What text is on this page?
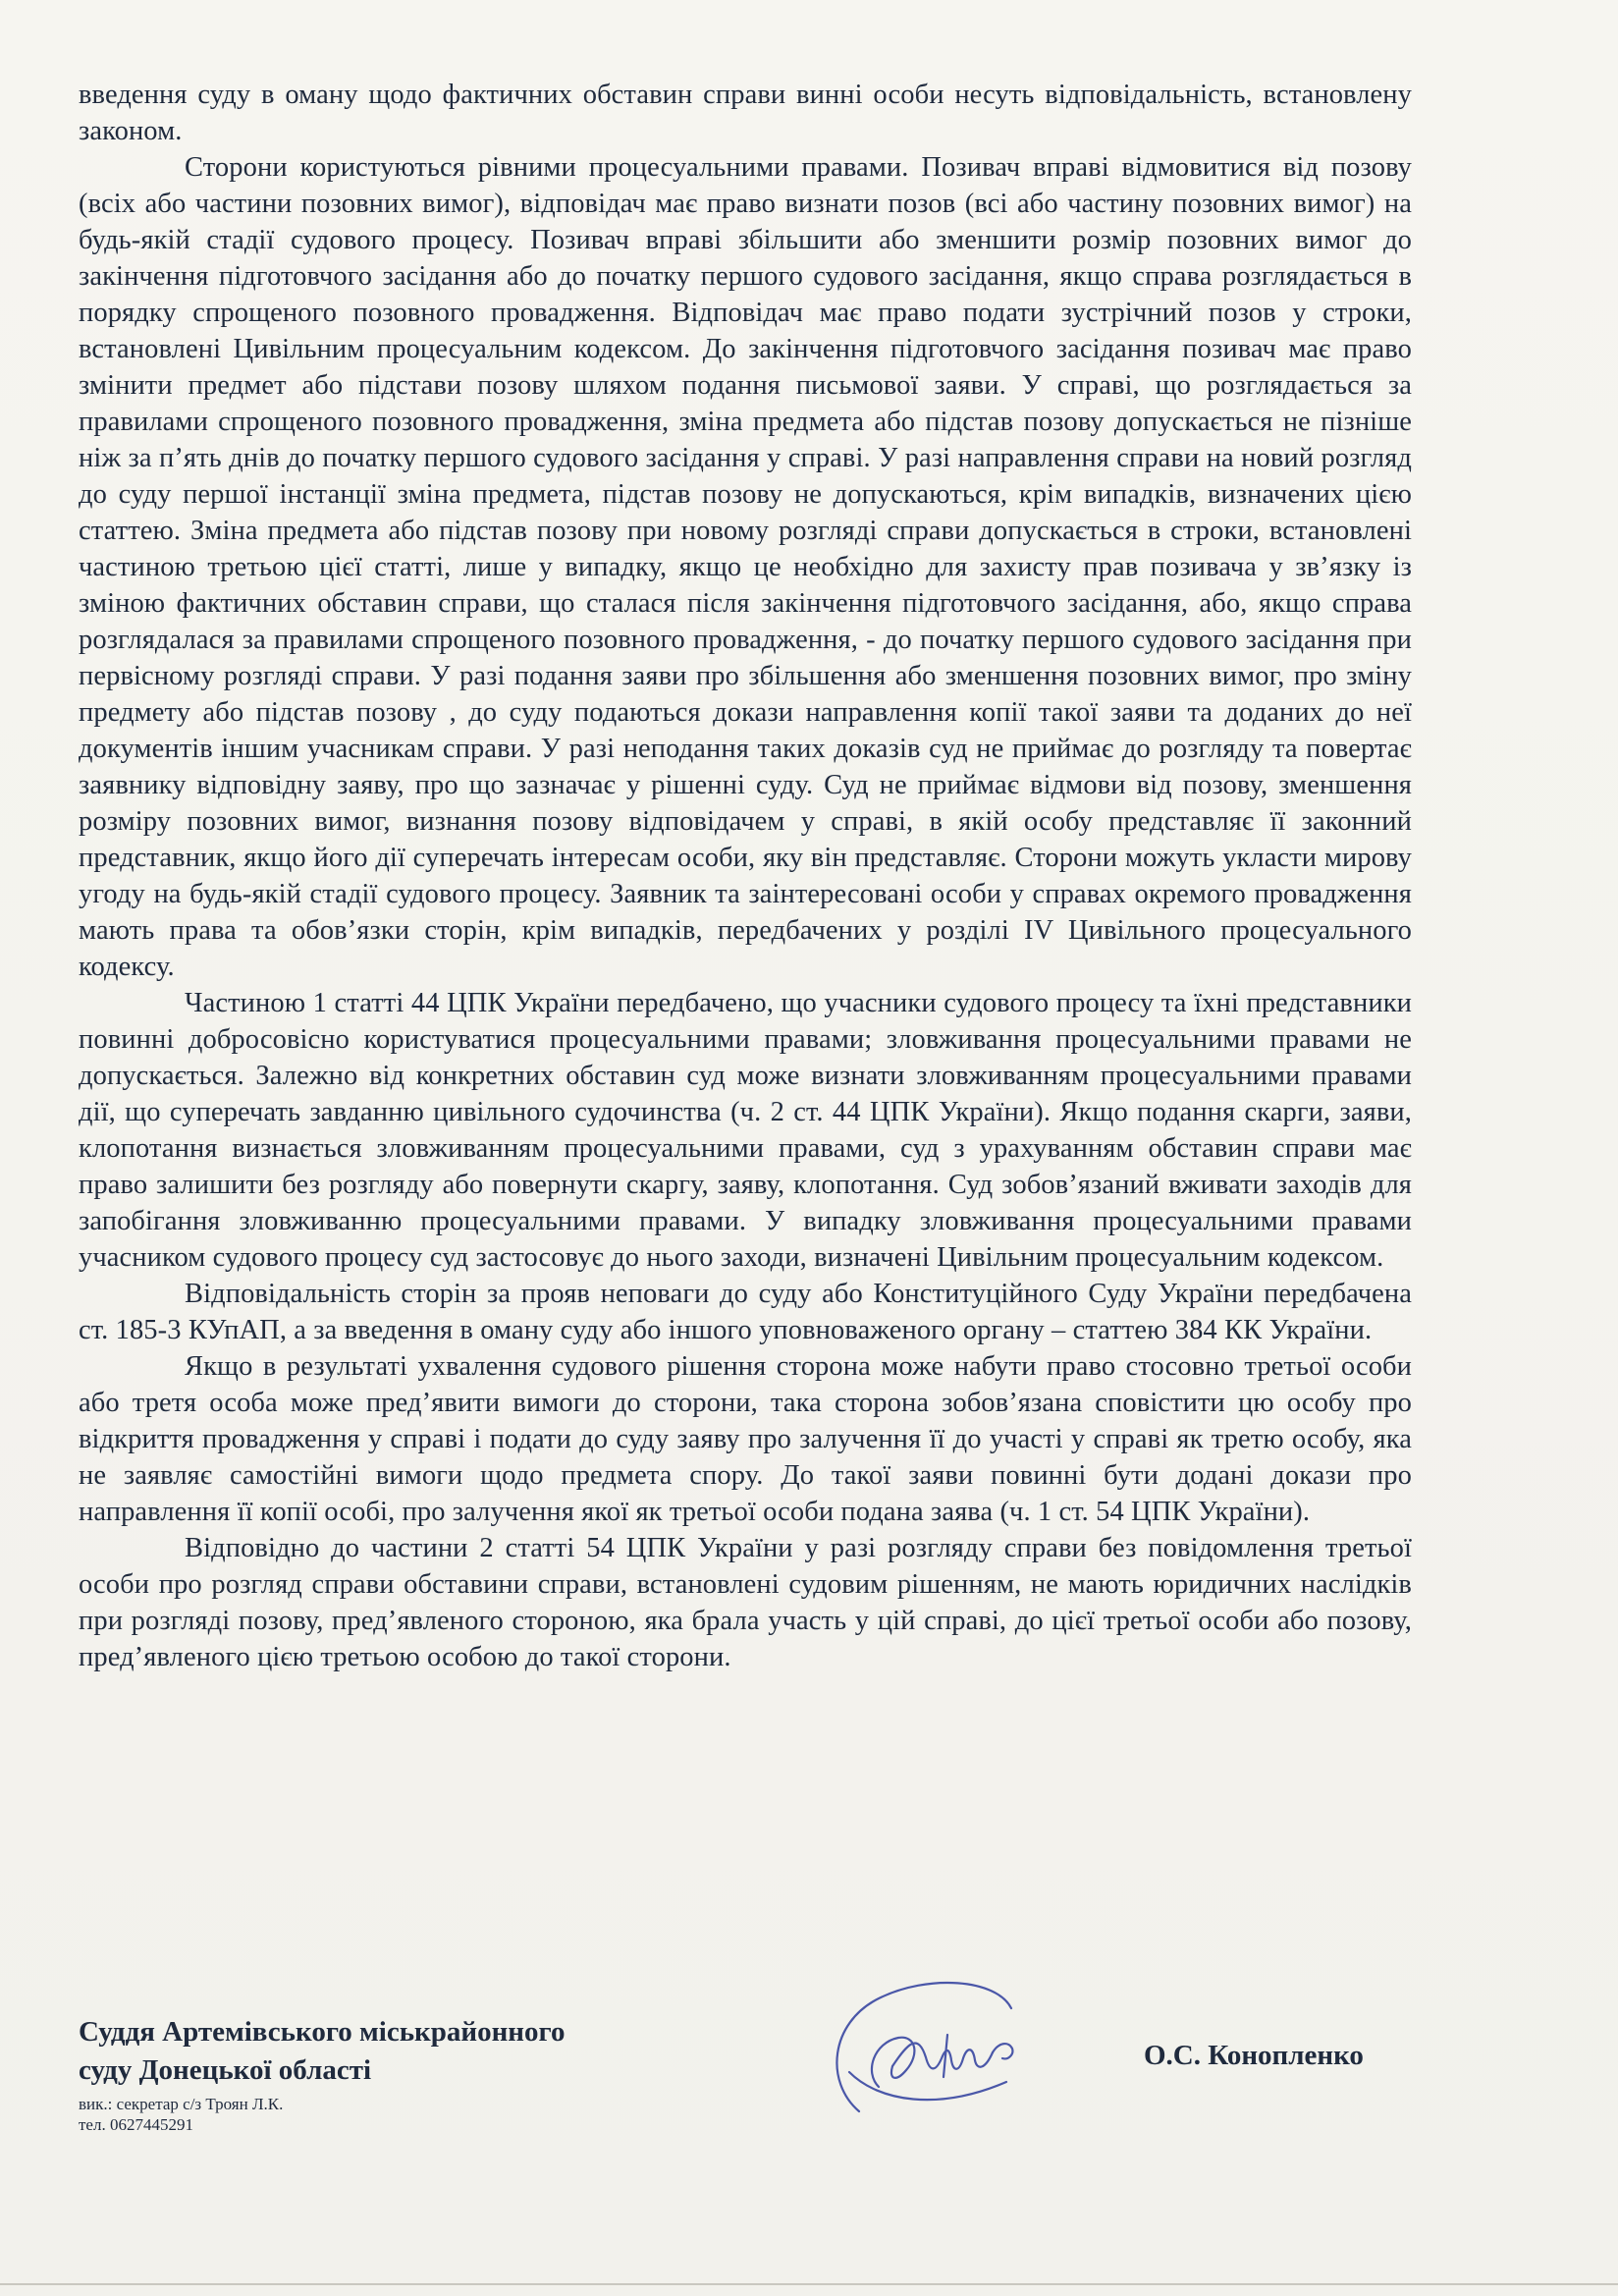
введення суду в оману щодо фактичних обставин справи винні особи несуть відповідальність, встановлену законом.

Сторони користуються рівними процесуальними правами. Позивач вправі відмовитися від позову (всіх або частини позовних вимог), відповідач має право визнати позов (всі або частину позовних вимог) на будь-якій стадії судового процесу. Позивач вправі збільшити або зменшити розмір позовних вимог до закінчення підготовчого засідання або до початку першого судового засідання, якщо справа розглядається в порядку спрощеного позовного провадження. Відповідач має право подати зустрічний позов у строки, встановлені Цивільним процесуальним кодексом. До закінчення підготовчого засідання позивач має право змінити предмет або підстави позову шляхом подання письмової заяви. У справі, що розглядається за правилами спрощеного позовного провадження, зміна предмета або підстав позову допускається не пізніше ніж за п’ять днів до початку першого судового засідання у справі. У разі направлення справи на новий розгляд до суду першої інстанції зміна предмета, підстав позову не допускаються, крім випадків, визначених цією статтею. Зміна предмета або підстав позову при новому розгляді справи допускається в строки, встановлені частиною третьою цієї статті, лише у випадку, якщо це необхідно для захисту прав позивача у зв’язку із зміною фактичних обставин справи, що сталася після закінчення підготовчого засідання, або, якщо справа розглядалася за правилами спрощеного позовного провадження, - до початку першого судового засідання при первісному розгляді справи. У разі подання заяви про збільшення або зменшення позовних вимог, про зміну предмету або підстав позову , до суду подаються докази направлення копії такої заяви та доданих до неї документів іншим учасникам справи. У разі неподання таких доказів суд не приймає до розгляду та повертає заявнику відповідну заяву, про що зазначає у рішенні суду. Суд не приймає відмови від позову, зменшення розміру позовних вимог, визнання позову відповідачем у справі, в якій особу представляє її законний представник, якщо його дії суперечать інтересам особи, яку він представляє. Сторони можуть укласти мирову угоду на будь-якій стадії судового процесу. Заявник та заінтересовані особи у справах окремого провадження мають права та обов’язки сторін, крім випадків, передбачених у розділі IV Цивільного процесуального кодексу.

Частиною 1 статті 44 ЦПК України передбачено, що учасники судового процесу та їхні представники повинні добросовісно користуватися процесуальними правами; зловживання процесуальними правами не допускається. Залежно від конкретних обставин суд може визнати зловживанням процесуальними правами дії, що суперечать завданню цивільного судочинства (ч. 2 ст. 44 ЦПК України). Якщо подання скарги, заяви, клопотання визнається зловживанням процесуальними правами, суд з урахуванням обставин справи має право залишити без розгляду або повернути скаргу, заяву, клопотання. Суд зобов’язаний вживати заходів для запобігання зловживанню процесуальними правами. У випадку зловживання процесуальними правами учасником судового процесу суд застосовує до нього заходи, визначені Цивільним процесуальним кодексом.

Відповідальність сторін за прояв неповаги до суду або Конституційного Суду України передбачена ст. 185-3 КУпАП, а за введення в оману суду або іншого уповноваженого органу – статтею 384 КК України.

Якщо в результаті ухвалення судового рішення сторона може набути право стосовно третьої особи або третя особа може пред’явити вимоги до сторони, така сторона зобов’язана сповістити цю особу про відкриття провадження у справі і подати до суду заяву про залучення її до участі у справі як третю особу, яка не заявляє самостійні вимоги щодо предмета спору. До такої заяви повинні бути додані докази про направлення її копії особі, про залучення якої як третьої особи подана заява (ч. 1 ст. 54 ЦПК України).

Відповідно до частини 2 статті 54 ЦПК України у разі розгляду справи без повідомлення третьої особи про розгляд справи обставини справи, встановлені судовим рішенням, не мають юридичних наслідків при розгляді позову, пред’явленого стороною, яка брала участь у цій справі, до цієї третьої особи або позову, пред’явленого цією третьою особою до такої сторони.

Суддя Артемівського міськрайонного

суду Донецької області

вик.: секретар с/з Троян Л.К.

тел. 0627445291

О.С. Конопленко
